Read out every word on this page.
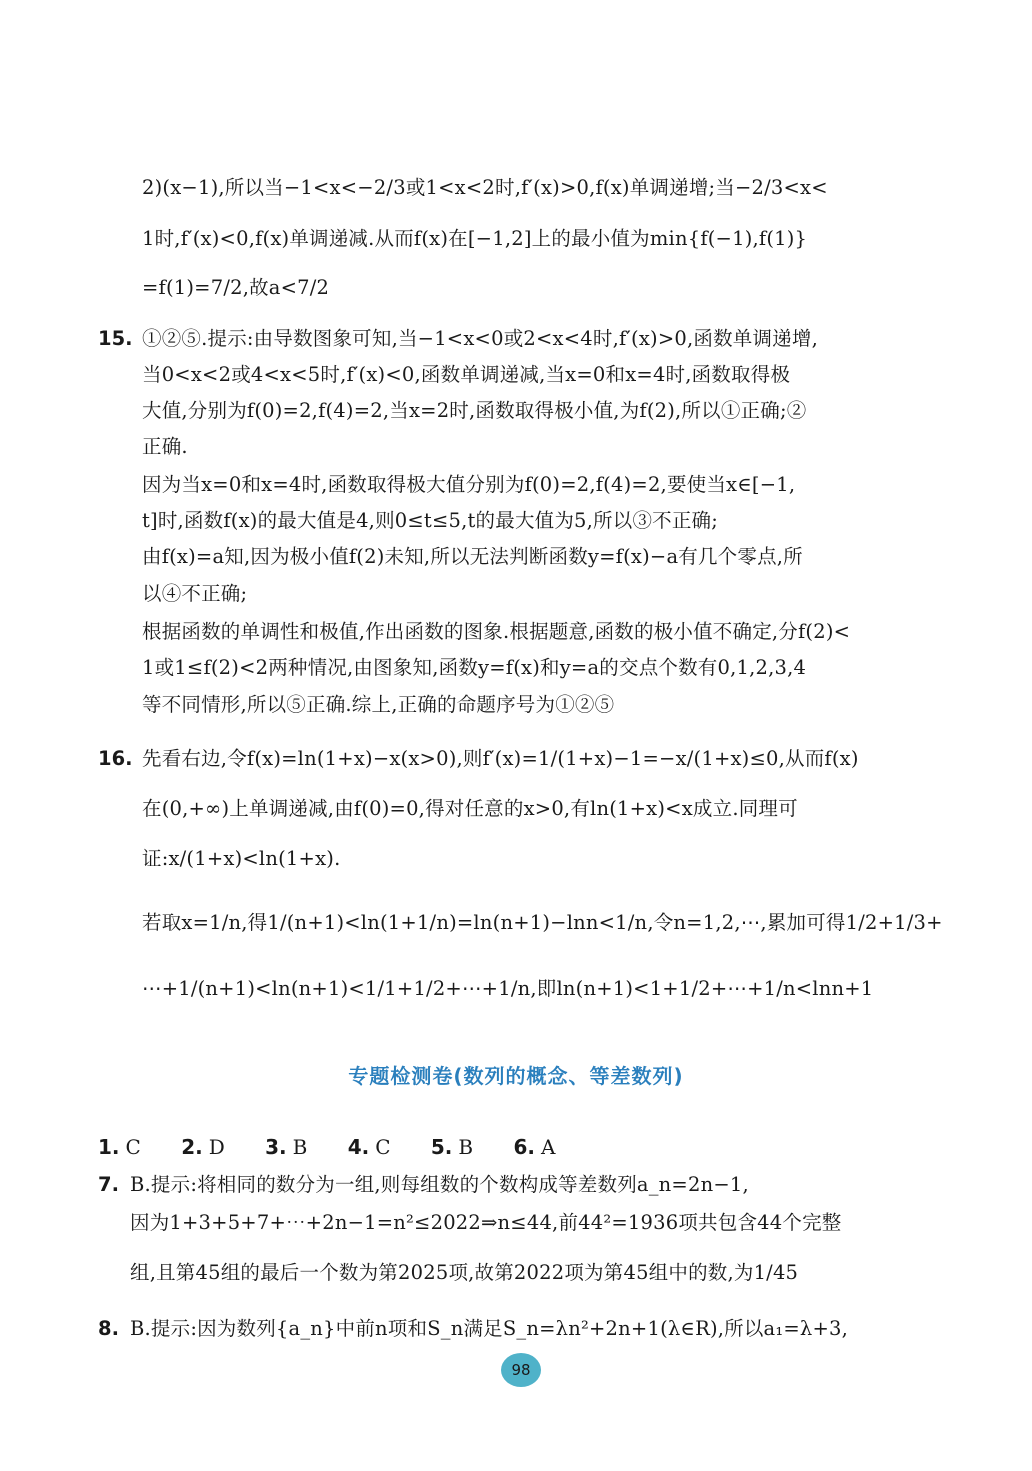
2)(x−1),所以当−1<x<−2/3或1<x<2时,f′(x)>0,f(x)单调递增;当−2/3<x<
1时,f′(x)<0,f(x)单调递减.从而f(x)在[−1,2]上的最小值为min{f(−1),f(1)}
=f(1)=7/2,故a<7/2
15. ①②⑤.提示:由导数图象可知,当−1<x<0或2<x<4时,f′(x)>0,函数单调递增,
当0<x<2或4<x<5时,f′(x)<0,函数单调递减,当x=0和x=4时,函数取得极
大值,分别为f(0)=2,f(4)=2,当x=2时,函数取得极小值,为f(2),所以①正确;②
正确.
因为当x=0和x=4时,函数取得极大值分别为f(0)=2,f(4)=2,要使当x∈[−1,
t]时,函数f(x)的最大值是4,则0≤t≤5,t的最大值为5,所以③不正确;
由f(x)=a知,因为极小值f(2)未知,所以无法判断函数y=f(x)−a有几个零点,所
以④不正确;
根据函数的单调性和极值,作出函数的图象.根据题意,函数的极小值不确定,分f(2)<
1或1≤f(2)<2两种情况,由图象知,函数y=f(x)和y=a的交点个数有0,1,2,3,4
等不同情形,所以⑤正确.综上,正确的命题序号为①②⑤
16. 先看右边,令f(x)=ln(1+x)−x(x>0),则f′(x)=1/(1+x)−1=−x/(1+x)≤0,从而f(x)
在(0,+∞)上单调递减,由f(0)=0,得对任意的x>0,有ln(1+x)<x成立.同理可
证:x/(1+x)<ln(1+x).
若取x=1/n,得1/(n+1)<ln(1+1/n)=ln(n+1)−lnn<1/n,令n=1,2,⋯,累加可得1/2+1/3+
⋯+1/(n+1)<ln(n+1)<1/1+1/2+⋯+1/n,即ln(n+1)<1+1/2+⋯+1/n<lnn+1
专题检测卷(数列的概念、等差数列)
1. C 2. D 3. B 4. C 5. B 6. A
7. B.提示:将相同的数分为一组,则每组数的个数构成等差数列a_n=2n−1,
因为1+3+5+7+⋯+2n−1=n²≤2022⇒n≤44,前44²=1936项共包含44个完整
组,且第45组的最后一个数为第2025项,故第2022项为第45组中的数,为1/45
8. B.提示:因为数列{a_n}中前n项和S_n满足S_n=λn²+2n+1(λ∈R),所以a₁=λ+3,
98
